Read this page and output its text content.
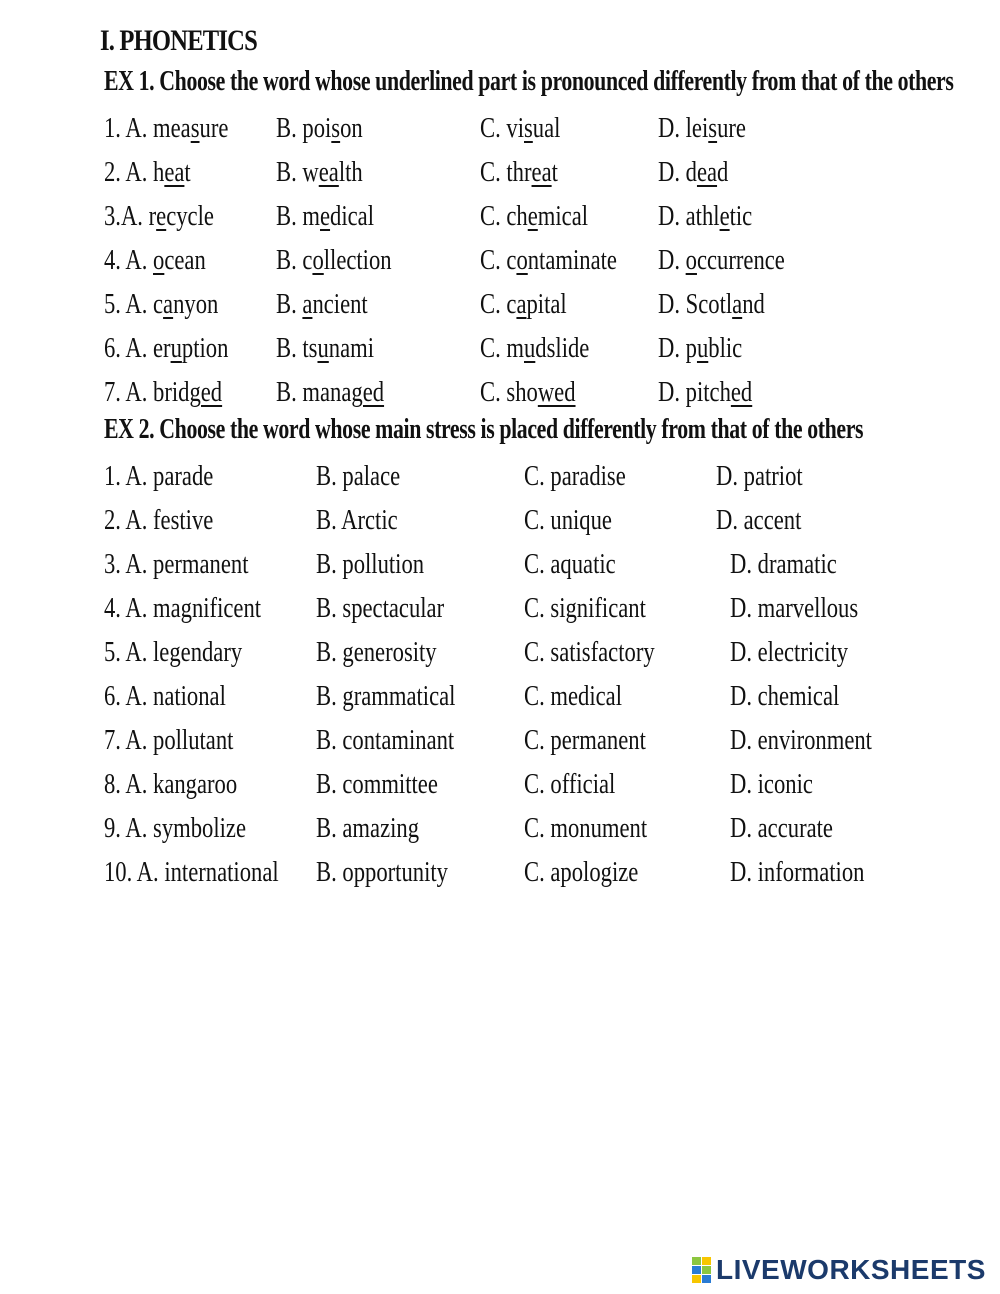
I. PHONETICS
EX 1. Choose the word whose underlined part is pronounced differently from that of the others
1. A. measure B. poison	C. visual	D. leisure
2. A. heat	B. wealth	C. threat	D. dead
3.A. recycle B. medical	C. chemical D. athletic
4. A. ocean B. collection	C. contaminate D. occurrence
5. A. canyon B. ancient	C. capital	D. Scotland
6. A. eruption B. tsunami	C. mudslide D. public
7. A. bridged B. managed	C. showed	D. pitched
EX 2. Choose the word whose main stress is placed differently from that of the others
1. A. parade	B. palace	C. paradise	D. patriot
2. A. festive	B. Arctic	C. unique	D. accent
3. A. permanent B. pollution	C. aquatic	D. dramatic
4. A. magnificent B. spectacular	C. significant	D. marvellous
5. A. legendary	B. generosity	C. satisfactory	D. electricity
6. A. national	B. grammatical C. medical	D. chemical
7. A. pollutant	B. contaminant C. permanent	D. environment
8. A. kangaroo	B. committee	C. official	D. iconic
9. A. symbolize B. amazing	C. monument	D. accurate
10. A. international B. opportunity	C. apologize	D. information
LIVEWORKSHEETS
